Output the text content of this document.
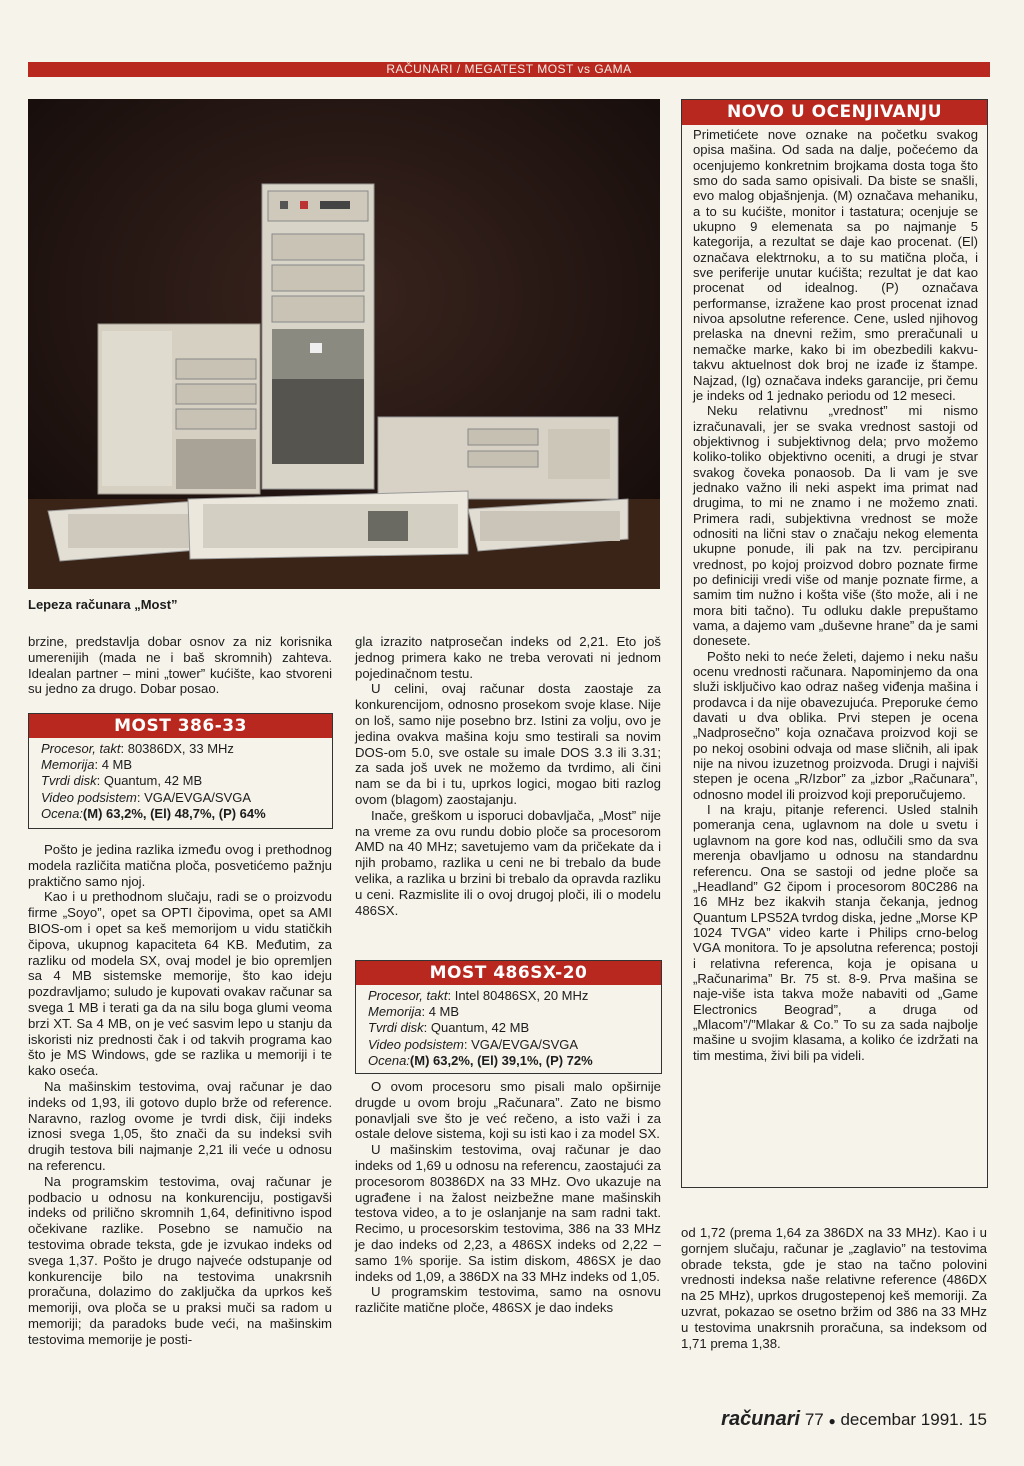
RAČUNARI / MEGATEST MOST vs GAMA
Lepeza računara „Most”

brzine, predstavlja dobar osnov za niz korisnika umerenijih (mada ne i baš skromnih) zahteva. Idealan partner – mini „tower” kućište, kao stvoreni su jedno za drugo. Dobar posao.

MOST 386-33
Procesor, takt: 80386DX, 33 MHz
Memorija: 4 MB
Tvrdi disk: Quantum, 42 MB
Video podsistem: VGA/EVGA/SVGA
Ocena:(M) 63,2%, (El) 48,7%, (P) 64%

Pošto je jedina razlika između ovog i prethodnog modela različita matična ploča, posvetićemo pažnju praktično samo njoj.

Kao i u prethodnom slučaju, radi se o proizvodu firme „Soyo”, opet sa OPTI čipovima, opet sa AMI BIOS-om i opet sa keš memorijom u vidu statičkih čipova, ukupnog kapaciteta 64 KB. Međutim, za razliku od modela SX, ovaj model je bio opremljen sa 4 MB sistemske memorije, što kao ideju pozdravljamo; suludo je kupovati ovakav računar sa svega 1 MB i terati ga da na silu boga glumi veoma brzi XT. Sa 4 MB, on je već sasvim lepo u stanju da iskoristi niz prednosti čak i od takvih programa kao što je MS Windows, gde se razlika u memoriji i te kako oseća.

Na mašinskim testovima, ovaj računar je dao indeks od 1,93, ili gotovo duplo brže od reference. Naravno, razlog ovome je tvrdi disk, čiji indeks iznosi svega 1,05, što znači da su indeksi svih drugih testova bili najmanje 2,21 ili veće u odnosu na referencu.

Na programskim testovima, ovaj računar je podbacio u odnosu na konkurenciju, postigavši indeks od prilično skromnih 1,64, definitivno ispod očekivane razlike. Posebno se namučio na testovima obrade teksta, gde je izvukao indeks od svega 1,37. Pošto je drugo najveće odstupanje od konkurencije bilo na testovima unakrsnih proračuna, dolazimo do zaključka da uprkos keš memoriji, ova ploča se u praksi muči sa radom u memoriji; da paradoks bude veći, na mašinskim testovima memorije je posti-

gla izrazito natprosečan indeks od 2,21. Eto još jednog primera kako ne treba verovati ni jednom pojedinačnom testu.

U celini, ovaj računar dosta zaostaje za konkurencijom, odnosno prosekom svoje klase. Nije on loš, samo nije posebno brz. Istini za volju, ovo je jedina ovakva mašina koju smo testirali sa novim DOS-om 5.0, sve ostale su imale DOS 3.3 ili 3.31; za sada još uvek ne možemo da tvrdimo, ali čini nam se da bi i tu, uprkos logici, mogao biti razlog ovom (blagom) zaostajanju.

Inače, greškom u isporuci dobavljača, „Most” nije na vreme za ovu rundu dobio ploče sa procesorom AMD na 40 MHz; savetujemo vam da pričekate da i njih probamo, razlika u ceni ne bi trebalo da bude velika, a razlika u brzini bi trebalo da opravda razliku u ceni. Razmislite ili o ovoj drugoj ploči, ili o modelu 486SX.

MOST 486SX-20
Procesor, takt: Intel 80486SX, 20 MHz
Memorija: 4 MB
Tvrdi disk: Quantum, 42 MB
Video podsistem: VGA/EVGA/SVGA
Ocena:(M) 63,2%, (El) 39,1%, (P) 72%

O ovom procesoru smo pisali malo opširnije drugde u ovom broju „Računara”. Zato ne bismo ponavljali sve što je već rečeno, a isto važi i za ostale delove sistema, koji su isti kao i za model SX.

U mašinskim testovima, ovaj računar je dao indeks od 1,69 u odnosu na referencu, zaostajući za procesorom 80386DX na 33 MHz. Ovo ukazuje na ugrađene i na žalost neizbežne mane mašinskih testova video, a to je oslanjanje na sam radni takt. Recimo, u procesorskim testovima, 386 na 33 MHz je dao indeks od 2,23, a 486SX indeks od 2,22 – samo 1% sporije. Sa istim diskom, 486SX je dao indeks od 1,09, a 386DX na 33 MHz indeks od 1,05.

U programskim testovima, samo na osnovu različite matične ploče, 486SX je dao indeks

NOVO U OCENJIVANJU

Primetićete nove oznake na početku svakog opisa mašina. Od sada na dalje, počećemo da ocenjujemo konkretnim brojkama dosta toga što smo do sada samo opisivali. Da biste se snašli, evo malog objašnjenja. (M) označava mehaniku, a to su kućište, monitor i tastatura; ocenjuje se ukupno 9 elemenata sa po najmanje 5 kategorija, a rezultat se daje kao procenat. (El) označava elektrnoku, a to su matična ploča, i sve periferije unutar kućišta; rezultat je dat kao procenat od idealnog. (P) označava performanse, izražene kao prost procenat iznad nivoa apsolutne reference. Cene, usled njihovog prelaska na dnevni režim, smo preračunali u nemačke marke, kako bi im obezbedili kakvu-takvu aktuelnost dok broj ne izađe iz štampe. Najzad, (Ig) označava indeks garancije, pri čemu je indeks od 1 jednako periodu od 12 meseci.

Neku relativnu „vrednost” mi nismo izračunavali, jer se svaka vrednost sastoji od objektivnog i subjektivnog dela; prvo možemo koliko-toliko objektivno oceniti, a drugi je stvar svakog čoveka ponaosob. Da li vam je sve jednako važno ili neki aspekt ima primat nad drugima, to mi ne znamo i ne možemo znati. Primera radi, subjektivna vrednost se može odnositi na lični stav o značaju nekog elementa ukupne ponude, ili pak na tzv. percipiranu vrednost, po kojoj proizvod dobro poznate firme po definiciji vredi više od manje poznate firme, a samim tim nužno i košta više (što može, ali i ne mora biti tačno). Tu odluku dakle prepuštamo vama, a dajemo vam „duševne hrane” da je sami donesete.

Pošto neki to neće želeti, dajemo i neku našu ocenu vrednosti računara. Napominjemo da ona služi isključivo kao odraz našeg viđenja mašina i prodavca i da nije obavezujuća. Preporuke ćemo davati u dva oblika. Prvi stepen je ocena „Nadprosečno” koja označava proizvod koji se po nekoj osobini odvaja od mase sličnih, ali ipak nije na nivou izuzetnog proizvoda. Drugi i najviši stepen je ocena „R/Izbor” za „izbor „Računara”, odnosno model ili proizvod koji preporučujemo.

I na kraju, pitanje referenci. Usled stalnih pomeranja cena, uglavnom na dole u svetu i uglavnom na gore kod nas, odlučili smo da sva merenja obavljamo u odnosu na standardnu referencu. Ona se sastoji od jedne ploče sa „Headland” G2 čipom i procesorom 80C286 na 16 MHz bez ikakvih stanja čekanja, jednog Quantum LPS52A tvrdog diska, jedne „Morse KP 1024 TVGA” video karte i Philips crno-belog VGA monitora. To je apsolutna referenca; postoji i relativna referenca, koja je opisana u „Računarima” Br. 75 st. 8-9. Prva mašina se naje-više ista takva može nabaviti od „Game Electronics Beograd”, a druga od „Mlacom”/”Mlakar & Co.” To su za sada najbolje mašine u svojim klasama, a koliko će izdržati na tim mestima, živi bili pa videli.

od 1,72 (prema 1,64 za 386DX na 33 MHz). Kao i u gornjem slučaju, računar je „zaglavio” na testovima obrade teksta, gde je stao na tačno polovini vrednosti indeksa naše relativne reference (486DX na 25 MHz), uprkos drugostepenoj keš memoriji. Za uzvrat, pokazao se osetno bržim od 386 na 33 MHz u testovima unakrsnih proračuna, sa indeksom od 1,71 prema 1,38.

računari 77 ● decembar 1991. 15
